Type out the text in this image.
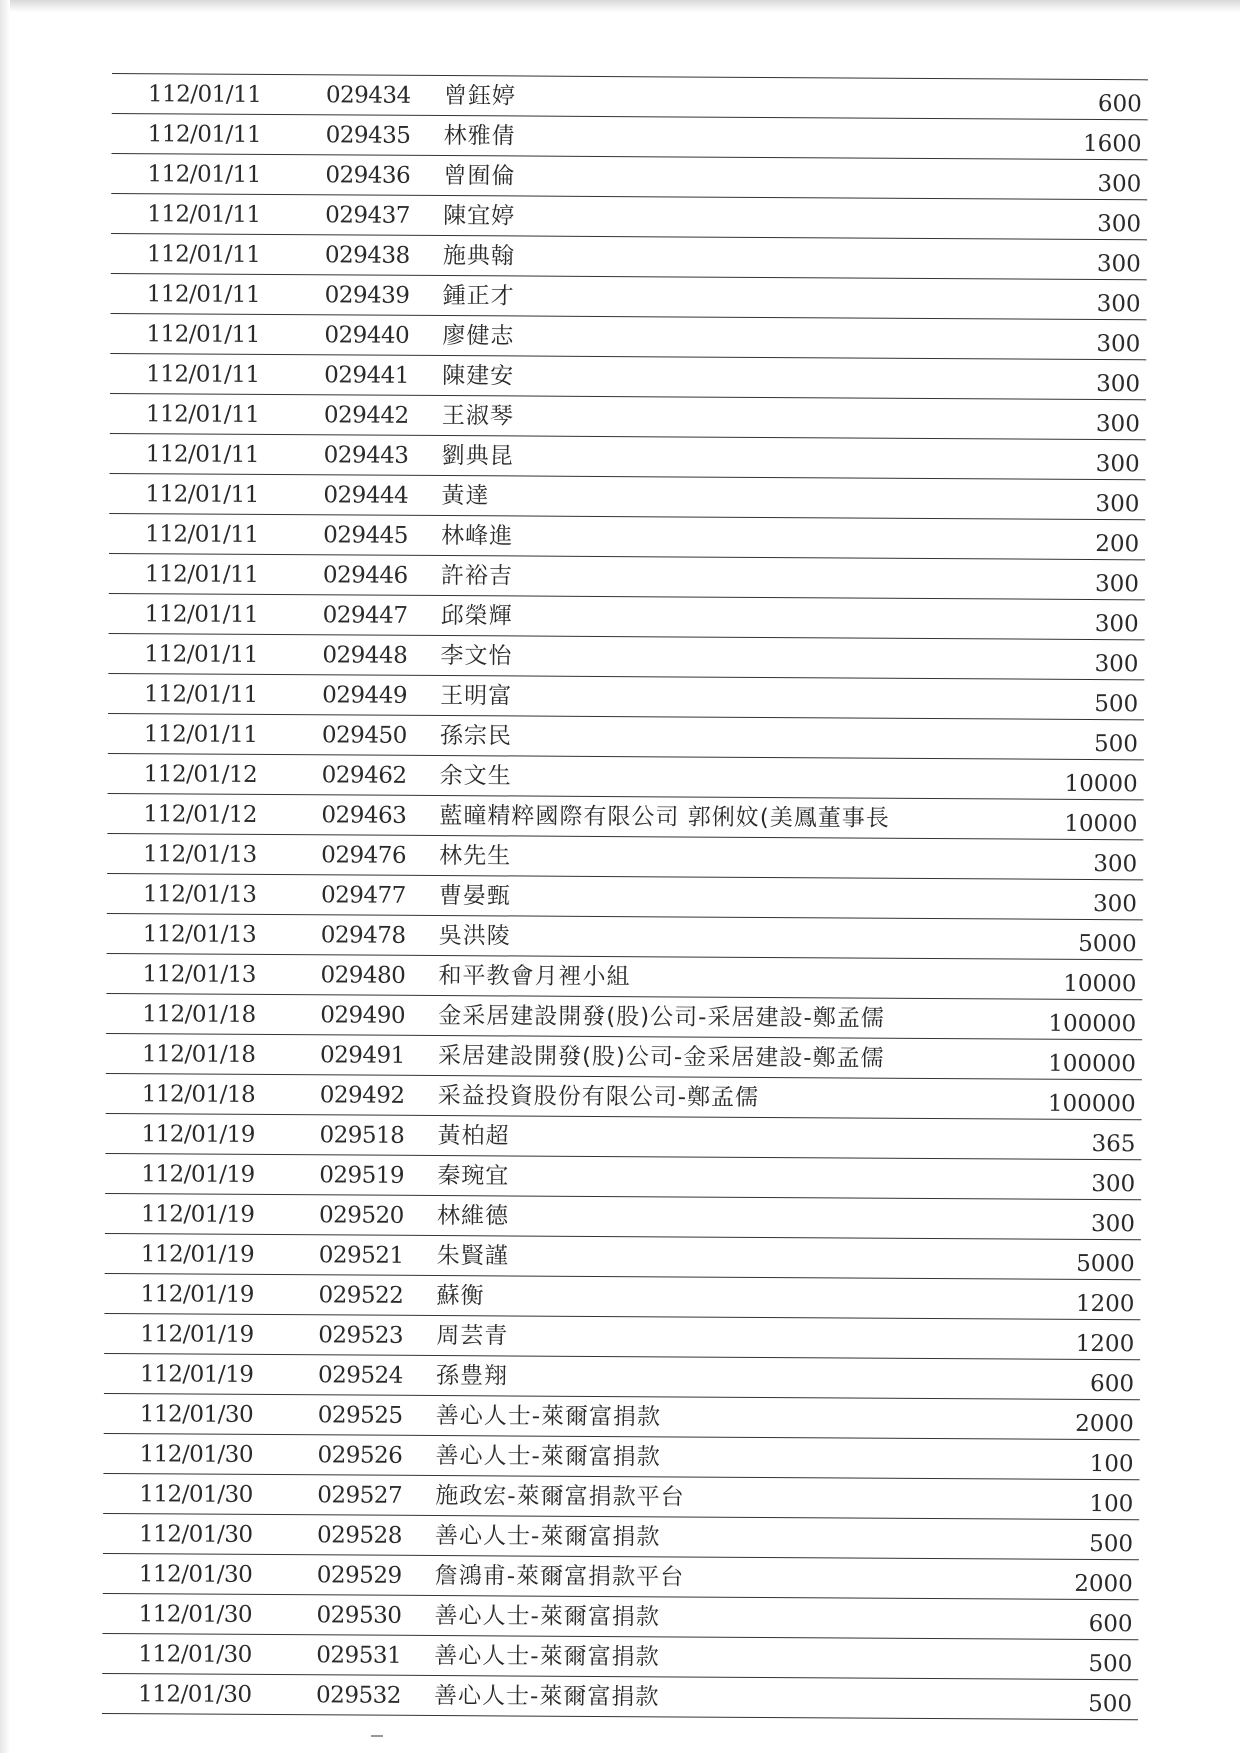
112/01/11	029434 曾鈺婷	600
112/01/11	029435 林雅倩	1600
112/01/11	029436 曾囿倫	300
112/01/11	029437 陳宜婷	300
112/01/11	029438 施典翰	300
112/01/11	029439 鍾正才	300
112/01/11	029440 廖健志	300
112/01/11	029441 陳建安	300
112/01/11	029442 王淑琴	300
112/01/11	029443 劉典昆	300
112/01/11	029444 黃達	300
112/01/11	029445 林峰進	200
112/01/11	029446 許裕吉	300
112/01/11	029447 邱榮輝	300
112/01/11	029448 李文怡	300
112/01/11	029449 王明富	500
112/01/11	029450 孫宗民	500
112/01/12	029462 余文生	10000
112/01/12	029463 藍曈精粹國際有限公司 郭俐妏(美鳳董事長	10000
112/01/13	029476 林先生	300
112/01/13	029477 曹晏甄	300
112/01/13	029478 吳洪陵	5000
112/01/13	029480 和平教會月裡小組	10000
112/01/18	029490 金采居建設開發(股)公司-采居建設-鄭孟儒	100000
112/01/18	029491 采居建設開發(股)公司-金采居建設-鄭孟儒	100000
112/01/18	029492 采益投資股份有限公司-鄭孟儒	100000
112/01/19	029518 黃柏超	365
112/01/19	029519 秦琬宜	300
112/01/19	029520 林維德	300
112/01/19	029521 朱賢謹	5000
112/01/19	029522 蘇衡	1200
112/01/19	029523 周芸青	1200
112/01/19	029524 孫豊翔	600
112/01/30	029525 善心人士-萊爾富捐款	2000
112/01/30	029526 善心人士-萊爾富捐款	100
112/01/30	029527 施政宏-萊爾富捐款平台	100
112/01/30	029528 善心人士-萊爾富捐款	500
112/01/30	029529 詹鴻甫-萊爾富捐款平台	2000
112/01/30	029530 善心人士-萊爾富捐款	600
112/01/30	029531 善心人士-萊爾富捐款	500
112/01/30	029532 善心人士-萊爾富捐款	500
